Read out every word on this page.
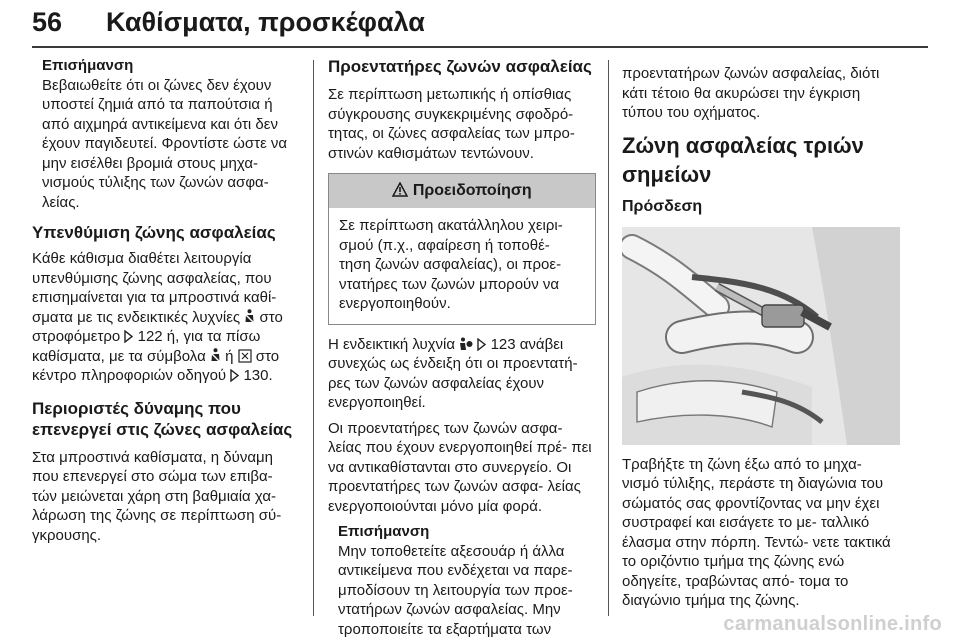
56 Καθίσματα, προσκέφαλα

Επισήμανση

Βεβαιωθείτε ότι οι ζώνες δεν έχουν υποστεί ζημιά από τα παπούτσια ή από αιχμηρά αντικείμενα και ότι δεν έχουν παγιδευτεί. Φροντίστε ώστε να μην εισέλθει βρομιά στους μηχα- νισμούς τύλιξης των ζωνών ασφα- λείας.

Υπενθύμιση ζώνης ασφαλείας

Κάθε κάθισμα διαθέτει λειτουργία υπενθύμισης ζώνης ασφαλείας, που επισημαίνεται για τα μπροστινά καθί- σματα με τις ενδεικτικές λυχνίες στο στροφόμετρο 122 ή, για τα πίσω καθίσματα, με τα σύμβολα ή στο κέντρο πληροφοριών οδηγού 130.

Περιοριστές δύναμης που επενεργεί στις ζώνες ασφαλείας

Στα μπροστινά καθίσματα, η δύναμη που επενεργεί στο σώμα των επιβα- τών μειώνεται χάρη στη βαθμιαία χα- λάρωση της ζώνης σε περίπτωση σύ- γκρουσης.

Προεντατήρες ζωνών ασφαλείας

Σε περίπτωση μετωπικής ή οπίσθιας σύγκρουσης συγκεκριμένης σφοδρό- τητας, οι ζώνες ασφαλείας των μπρο- στινών καθισμάτων τεντώνουν.

Προειδοποίηση

Σε περίπτωση ακατάλληλου χειρι- σμού (π.χ., αφαίρεση ή τοποθέ- τηση ζωνών ασφαλείας), οι προε- ντατήρες των ζωνών μπορούν να ενεργοποιηθούν.

Η ενδεικτική λυχνία 123 ανάβει συνεχώς ως ένδειξη ότι οι προεντατή- ρες των ζωνών ασφαλείας έχουν ενεργοποιηθεί.

Οι προεντατήρες των ζωνών ασφα- λείας που έχουν ενεργοποιηθεί πρέ- πει να αντικαθίστανται στο συνεργείο. Οι προεντατήρες των ζωνών ασφα- λείας ενεργοποιούνται μόνο μία φορά.

Επισήμανση

Μην τοποθετείτε αξεσουάρ ή άλλα αντικείμενα που ενδέχεται να παρε- μποδίσουν τη λειτουργία των προε- ντατήρων ζωνών ασφαλείας. Μην τροποποιείτε τα εξαρτήματα των

προεντατήρων ζωνών ασφαλείας, διότι κάτι τέτοιο θα ακυρώσει την έγκριση τύπου του οχήματος.

Ζώνη ασφαλείας τριών σημείων
Πρόσδεση

Τραβήξτε τη ζώνη έξω από το μηχα- νισμό τύλιξης, περάστε τη διαγώνια του σώματός σας φροντίζοντας να μην έχει συστραφεί και εισάγετε το με- ταλλικό έλασμα στην πόρπη. Τεντώ- νετε τακτικά το οριζόντιο τμήμα της ζώνης ενώ οδηγείτε, τραβώντας από- τομα το διαγώνιο τμήμα της ζώνης.

carmanualsonline.info
